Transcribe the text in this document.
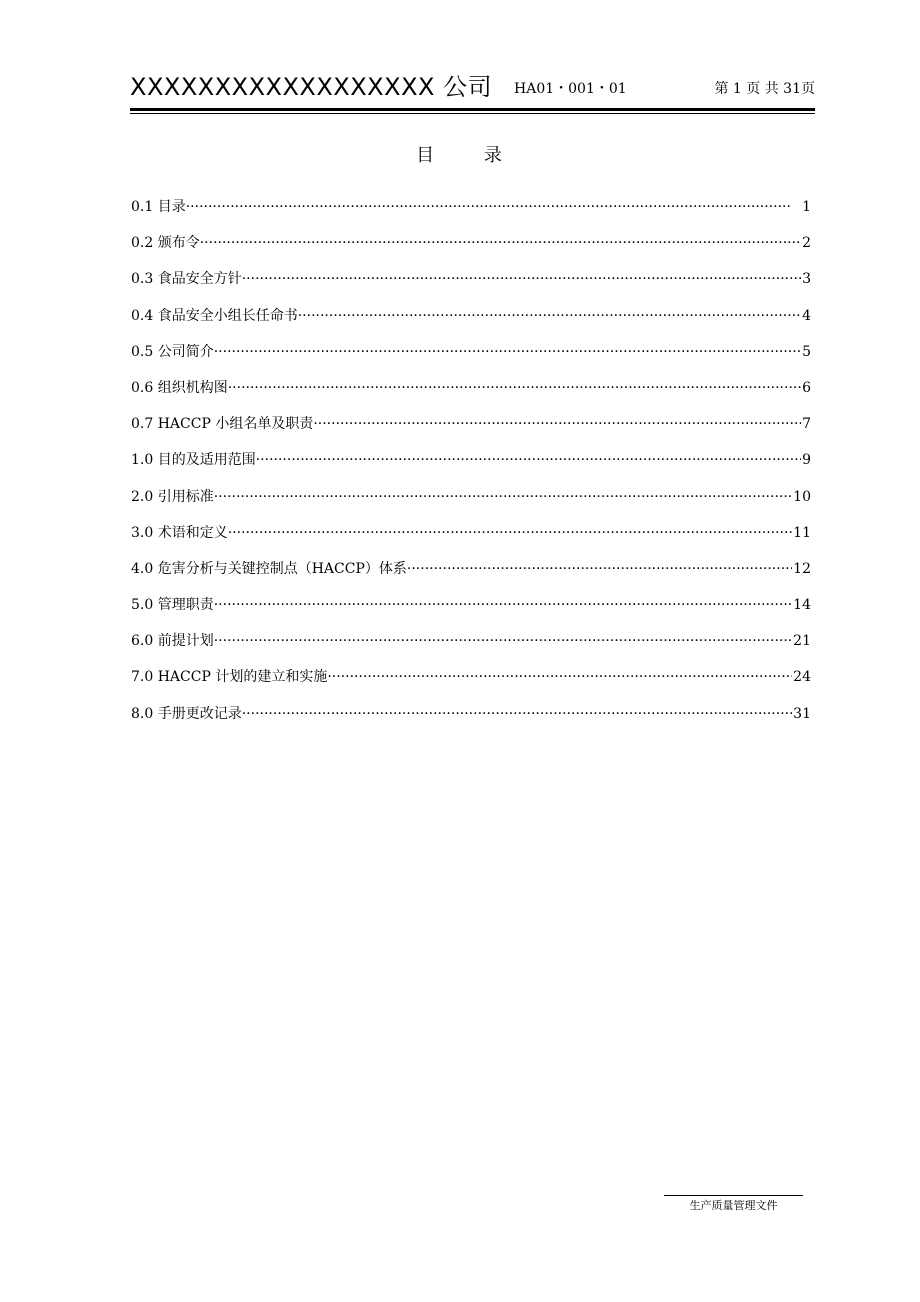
XXXXXXXXXXXXXXXXXX 公司 HA01・001・01	第 1 页 共 31页
目 录
0.1 目录 ·····	1
0.2 颁布令 ·····	2
0.3 食品安全方针 ·····	3
0.4 食品安全小组长任命书 ·····	4
0.5 公司简介 ·····	5
0.6 组织机构图 ·····	6
0.7 HACCP 小组名单及职责 ·····	7
1.0 目的及适用范围 ·····	9
2.0 引用标准 ·····	10
3.0 术语和定义 ·····	11
4.0 危害分析与关键控制点（HACCP）体系 ·····	12
5.0 管理职责 ·····	14
6.0 前提计划 ·····	21
7.0 HACCP 计划的建立和实施 ·····	24
8.0 手册更改记录 ·····	31
生产质量管理文件
